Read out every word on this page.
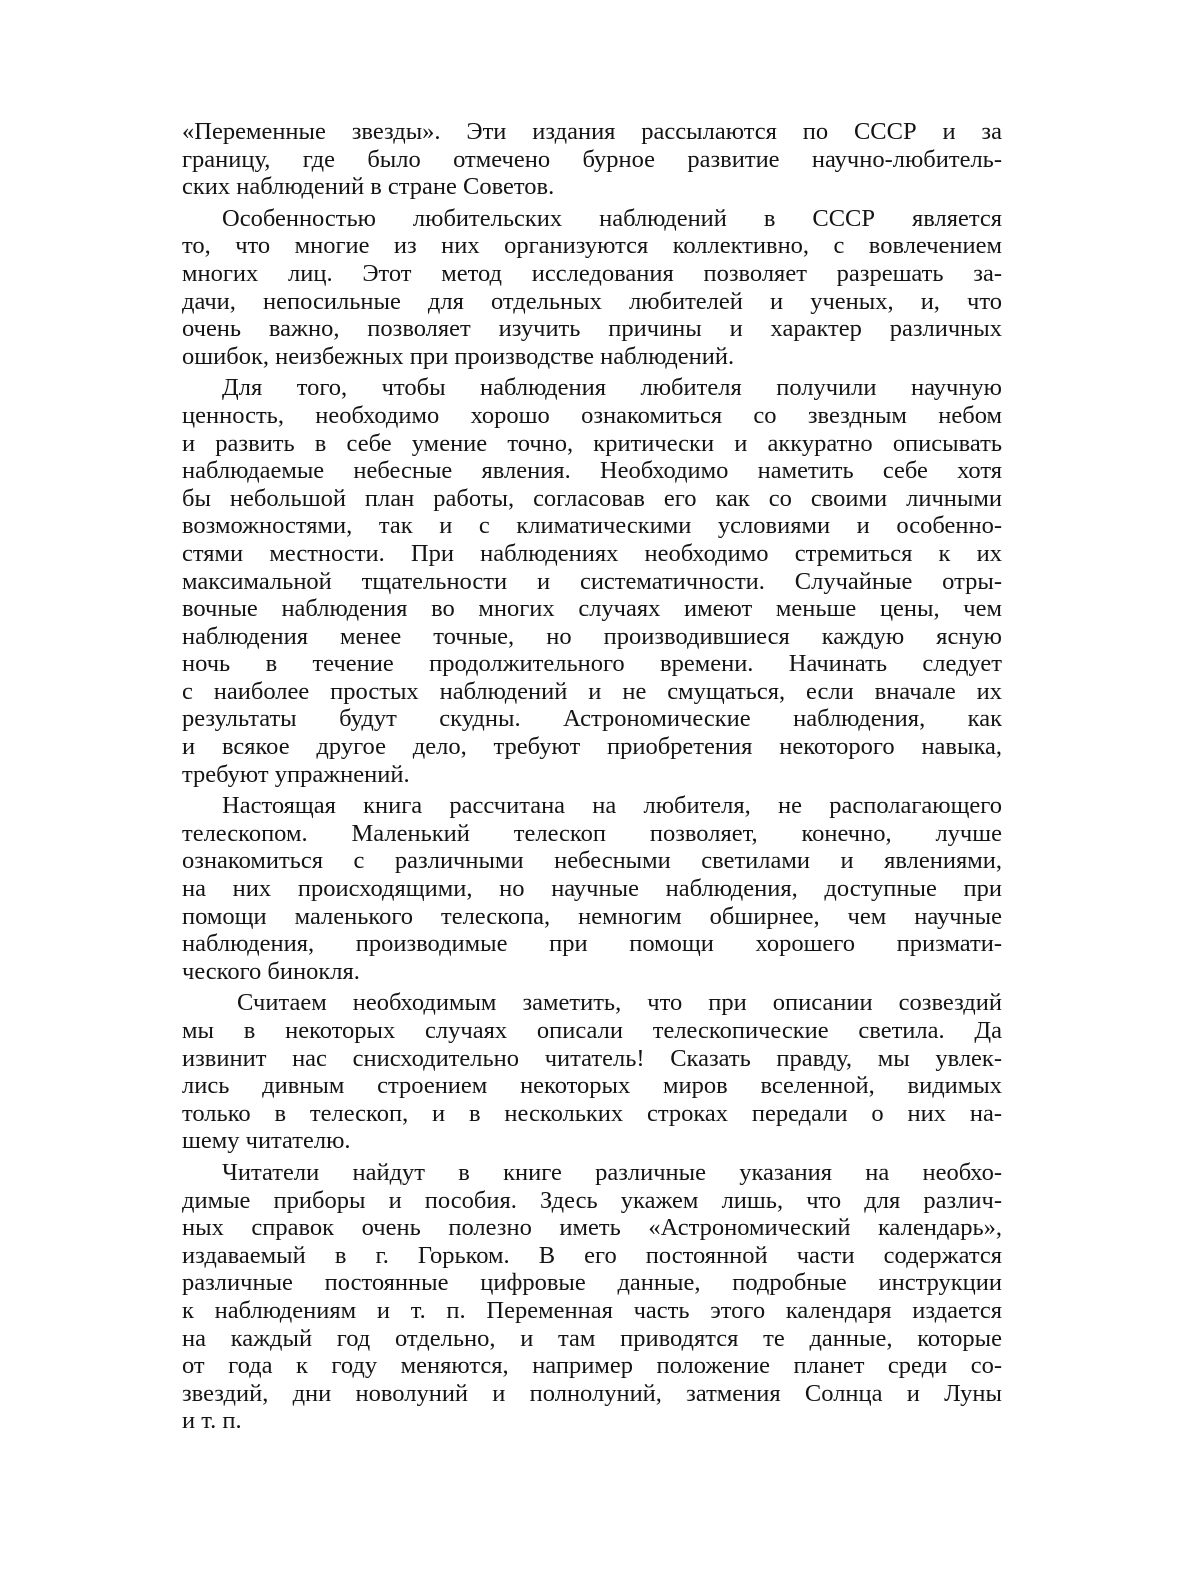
«Переменные звезды». Эти издания рассылаются по СССР и за
границу, где было отмечено бурное развитие научно-любитель-
ских наблюдений в стране Советов.
Особенностью любительских наблюдений в СССР является
то, что многие из них организуются коллективно, с вовлечением
многих лиц. Этот метод исследования позволяет разрешать за-
дачи, непосильные для отдельных любителей и ученых, и, что
очень важно, позволяет изучить причины и характер различных
ошибок, неизбежных при производстве наблюдений.
Для того, чтобы наблюдения любителя получили научную
ценность, необходимо хорошо ознакомиться со звездным небом
и развить в себе умение точно, критически и аккуратно описывать
наблюдаемые небесные явления. Необходимо наметить себе хотя
бы небольшой план работы, согласовав его как со своими личными
возможностями, так и с климатическими условиями и особенно-
стями местности. При наблюдениях необходимо стремиться к их
максимальной тщательности и систематичности. Случайные отры-
вочные наблюдения во многих случаях имеют меньше цены, чем
наблюдения менее точные, но производившиеся каждую ясную
ночь в течение продолжительного времени. Начинать следует
с наиболее простых наблюдений и не смущаться, если вначале их
результаты будут скудны. Астрономические наблюдения, как
и всякое другое дело, требуют приобретения некоторого навыка,
требуют упражнений.
Настоящая книга рассчитана на любителя, не располагающего
телескопом. Маленький телескоп позволяет, конечно, лучше
ознакомиться с различными небесными светилами и явлениями,
на них происходящими, но научные наблюдения, доступные при
помощи маленького телескопа, немногим обширнее, чем научные
наблюдения, производимые при помощи хорошего призмати-
ческого бинокля.
Считаем необходимым заметить, что при описании созвездий
мы в некоторых случаях описали телескопические светила. Да
извинит нас снисходительно читатель! Сказать правду, мы увлек-
лись дивным строением некоторых миров вселенной, видимых
только в телескоп, и в нескольких строках передали о них на-
шему читателю.
Читатели найдут в книге различные указания на необхо-
димые приборы и пособия. Здесь укажем лишь, что для различ-
ных справок очень полезно иметь «Астрономический календарь»,
издаваемый в г. Горьком. В его постоянной части содержатся
различные постоянные цифровые данные, подробные инструкции
к наблюдениям и т. п. Переменная часть этого календаря издается
на каждый год отдельно, и там приводятся те данные, которые
от года к году меняются, например положение планет среди со-
звездий, дни новолуний и полнолуний, затмения Солнца и Луны
и т. п.
